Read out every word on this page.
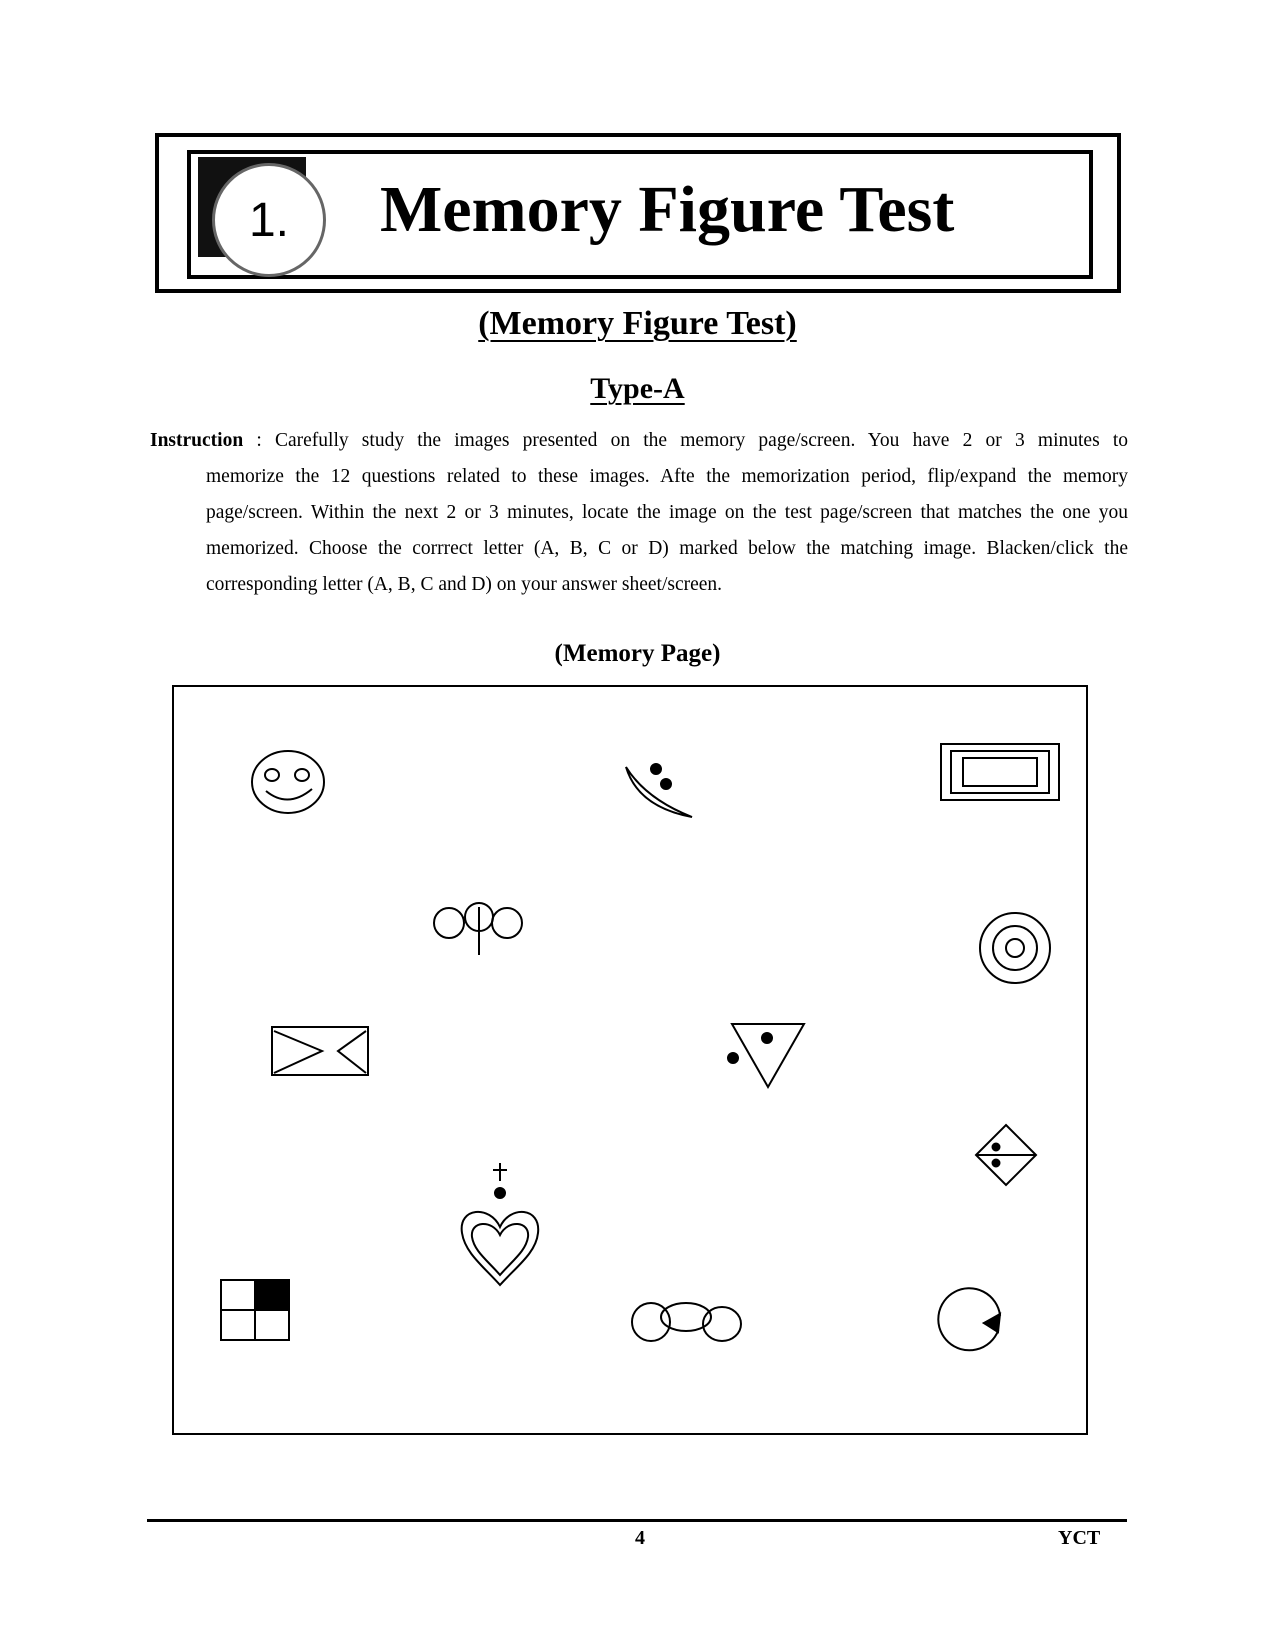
1.	Memory Figure Test
(Memory Figure Test)
Type-A
Instruction : Carefully study the images presented on the memory page/screen. You have 2 or 3 minutes to
memorize the 12 questions related to these images. Afte the memorization period, flip/expand the memory page/screen. Within the next 2 or 3 minutes, locate the image on the test page/screen that matches the one you memorized. Choose the corrrect letter (A, B, C or D) marked below the matching image. Blacken/click the corresponding letter (A, B, C and D) on your answer sheet/screen.
(Memory Page)
4	YCT
